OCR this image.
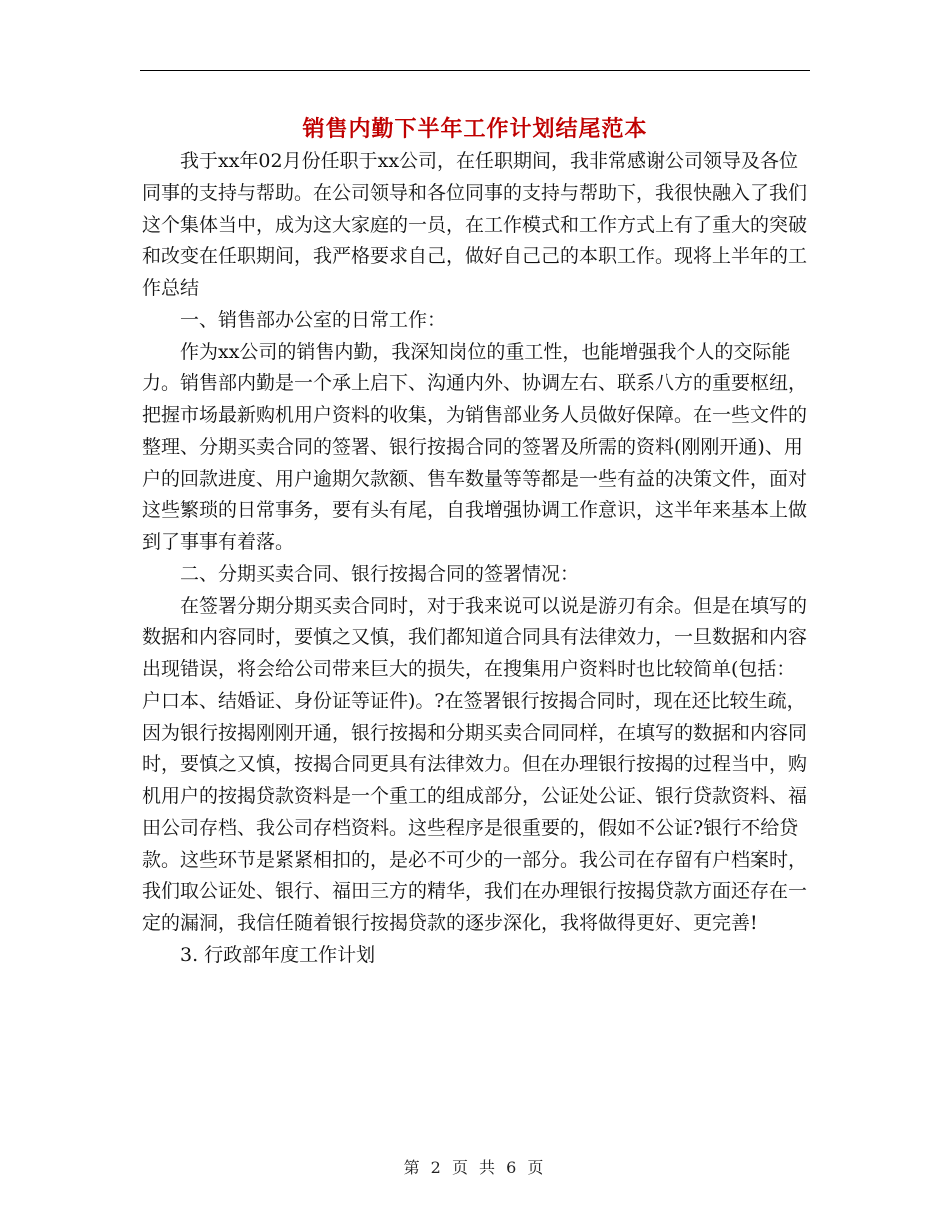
销售内勤下半年工作计划结尾范本

我于xx年02月份任职于xx公司，在任职期间，我非常感谢公司领导及各位同事的支持与帮助。在公司领导和各位同事的支持与帮助下，我很快融入了我们这个集体当中，成为这大家庭的一员，在工作模式和工作方式上有了重大的突破和改变在任职期间，我严格要求自己，做好自己己的本职工作。现将上半年的工作总结

一、销售部办公室的日常工作：

作为xx公司的销售内勤，我深知岗位的重工性，也能增强我个人的交际能力。销售部内勤是一个承上启下、沟通内外、协调左右、联系八方的重要枢纽，把握市场最新购机用户资料的收集，为销售部业务人员做好保障。在一些文件的整理、分期买卖合同的签署、银行按揭合同的签署及所需的资料(刚刚开通)、用户的回款进度、用户逾期欠款额、售车数量等等都是一些有益的决策文件，面对这些繁琐的日常事务，要有头有尾，自我增强协调工作意识，这半年来基本上做到了事事有着落。

二、分期买卖合同、银行按揭合同的签署情况：

在签署分期分期买卖合同时，对于我来说可以说是游刃有余。但是在填写的数据和内容同时，要慎之又慎，我们都知道合同具有法律效力，一旦数据和内容出现错误，将会给公司带来巨大的损失，在搜集用户资料时也比较简单(包括：户口本、结婚证、身份证等证件)。?在签署银行按揭合同时，现在还比较生疏，因为银行按揭刚刚开通，银行按揭和分期买卖合同同样，在填写的数据和内容同时，要慎之又慎，按揭合同更具有法律效力。但在办理银行按揭的过程当中，购机用户的按揭贷款资料是一个重工的组成部分，公证处公证、银行贷款资料、福田公司存档、我公司存档资料。这些程序是很重要的，假如不公证?银行不给贷款。这些环节是紧紧相扣的，是必不可少的一部分。我公司在存留有户档案时，我们取公证处、银行、福田三方的精华，我们在办理银行按揭贷款方面还存在一定的漏洞，我信任随着银行按揭贷款的逐步深化，我将做得更好、更完善!

3. 行政部年度工作计划

第 2 页 共 6 页
